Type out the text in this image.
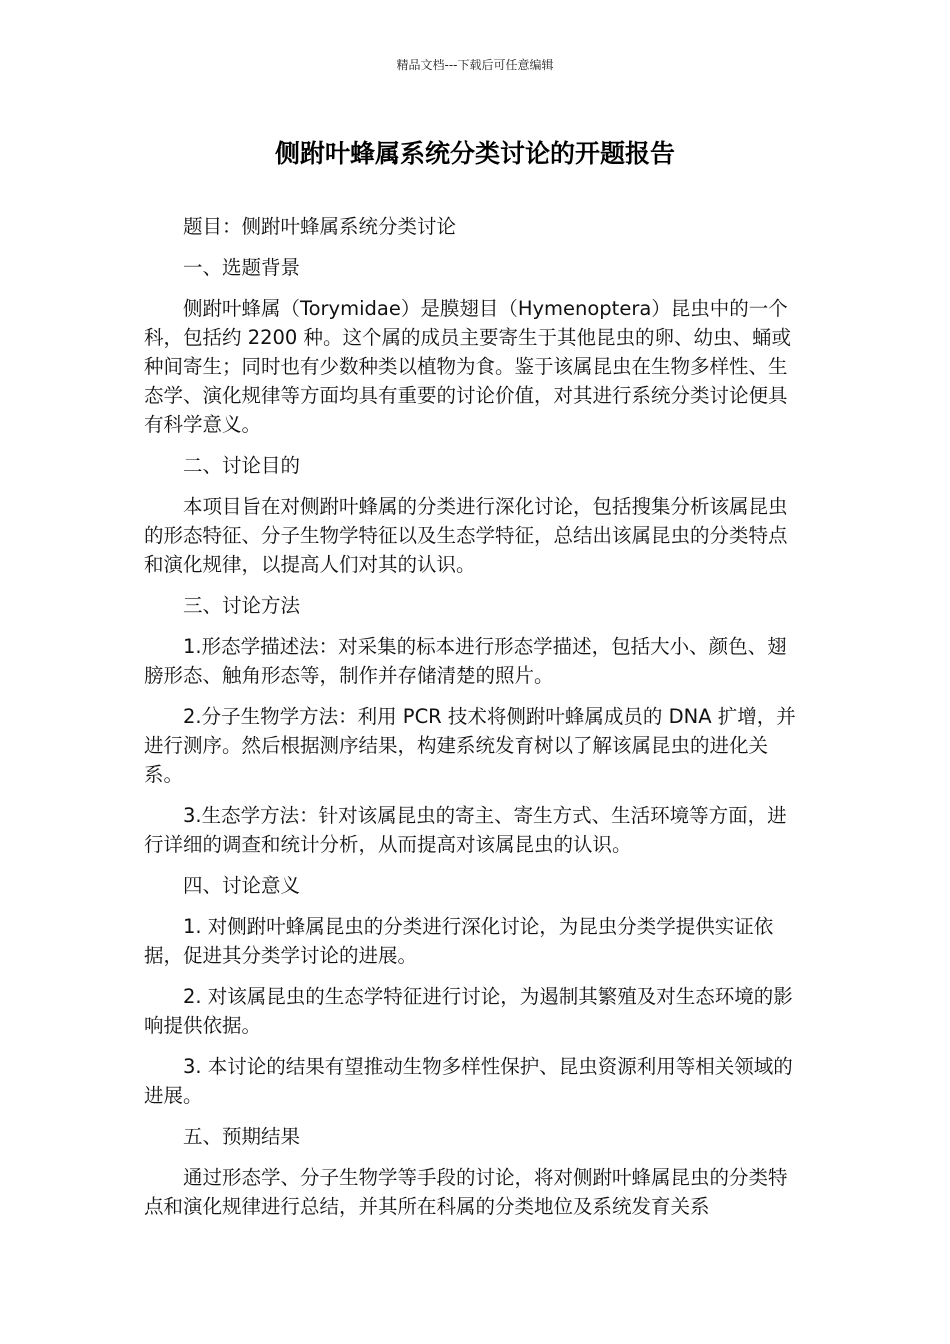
精品文档---下载后可任意编辑
侧跗叶蜂属系统分类讨论的开题报告

题目：侧跗叶蜂属系统分类讨论

一、选题背景

侧跗叶蜂属（Torymidae）是膜翅目（Hymenoptera）昆虫中的一个科，包括约 2200 种。这个属的成员主要寄生于其他昆虫的卵、幼虫、蛹或种间寄生；同时也有少数种类以植物为食。鉴于该属昆虫在生物多样性、生态学、演化规律等方面均具有重要的讨论价值，对其进行系统分类讨论便具有科学意义。

二、讨论目的

本项目旨在对侧跗叶蜂属的分类进行深化讨论，包括搜集分析该属昆虫的形态特征、分子生物学特征以及生态学特征，总结出该属昆虫的分类特点和演化规律，以提高人们对其的认识。

三、讨论方法

1.形态学描述法：对采集的标本进行形态学描述，包括大小、颜色、翅膀形态、触角形态等，制作并存储清楚的照片。

2.分子生物学方法：利用 PCR 技术将侧跗叶蜂属成员的 DNA 扩增，并进行测序。然后根据测序结果，构建系统发育树以了解该属昆虫的进化关系。

3.生态学方法：针对该属昆虫的寄主、寄生方式、生活环境等方面，进行详细的调查和统计分析，从而提高对该属昆虫的认识。

四、讨论意义

1. 对侧跗叶蜂属昆虫的分类进行深化讨论，为昆虫分类学提供实证依据，促进其分类学讨论的进展。

2. 对该属昆虫的生态学特征进行讨论，为遏制其繁殖及对生态环境的影响提供依据。

3. 本讨论的结果有望推动生物多样性保护、昆虫资源利用等相关领域的进展。

五、预期结果

通过形态学、分子生物学等手段的讨论，将对侧跗叶蜂属昆虫的分类特点和演化规律进行总结，并其所在科属的分类地位及系统发育关系
